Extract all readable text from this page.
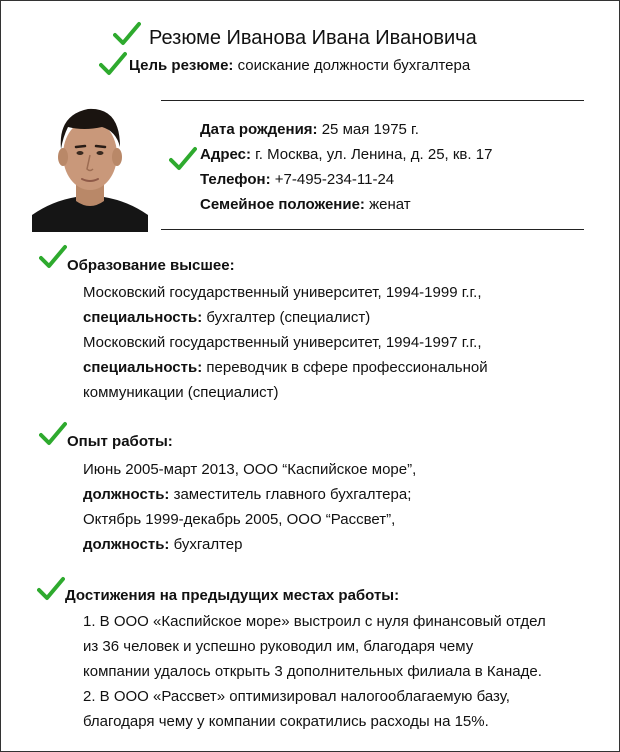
Резюме Иванова Ивана Ивановича
Цель резюме: соискание должности бухгалтера
Дата рождения: 25 мая 1975 г.
Адрес: г. Москва, ул. Ленина, д. 25, кв. 17
Телефон: +7-495-234-11-24
Семейное положение: женат
Образование высшее:
Московский государственный университет, 1994-1999 г.г.,
специальность: бухгалтер (специалист)
Московский государственный университет, 1994-1997 г.г.,
специальность: переводчик в сфере профессиональной
коммуникации (специалист)
Опыт работы:
Июнь 2005-март 2013, ООО “Каспийское море”,
должность: заместитель главного бухгалтера;
Октябрь 1999-декабрь 2005, ООО “Рассвет”,
должность: бухгалтер
Достижения на предыдущих местах работы:
1. В ООО «Каспийское море» выстроил с нуля финансовый отдел
из 36 человек и успешно руководил им, благодаря чему
компании удалось открыть 3 дополнительных филиала в Канаде.
2. В ООО «Рассвет» оптимизировал налогооблагаемую базу,
благодаря чему у компании сократились расходы на 15%.
